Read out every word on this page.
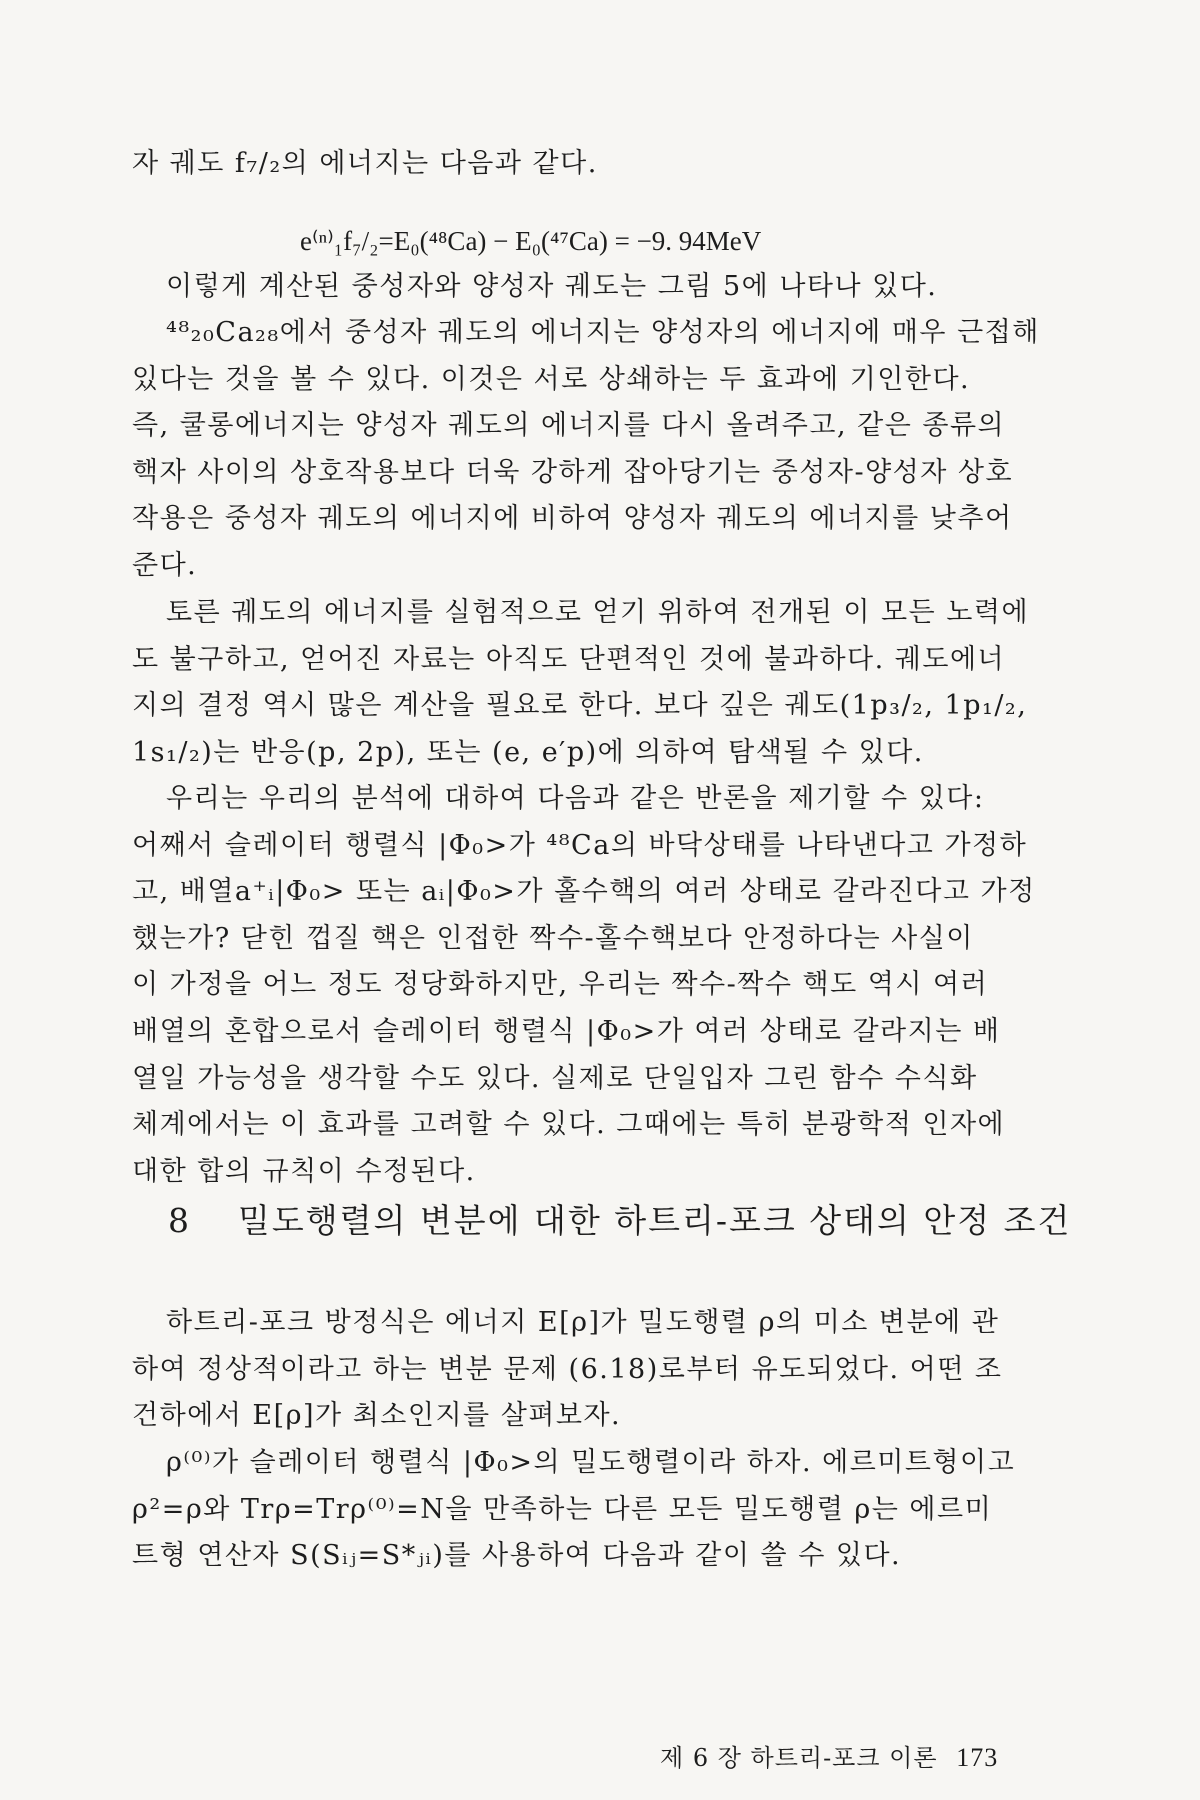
자 궤도 f₇/₂의 에너지는 다음과 같다.
e⁽ⁿ⁾₁f₇/₂=E₀(⁴⁸Ca) − E₀(⁴⁷Ca) = −9. 94MeV
이렇게 계산된 중성자와 양성자 궤도는 그림 5에 나타나 있다.
⁴⁸₂₀Ca₂₈에서 중성자 궤도의 에너지는 양성자의 에너지에 매우 근접해
있다는 것을 볼 수 있다. 이것은 서로 상쇄하는 두 효과에 기인한다.
즉, 쿨롱에너지는 양성자 궤도의 에너지를 다시 올려주고, 같은 종류의
핵자 사이의 상호작용보다 더욱 강하게 잡아당기는 중성자-양성자 상호
작용은 중성자 궤도의 에너지에 비하여 양성자 궤도의 에너지를 낮추어
준다.
토른 궤도의 에너지를 실험적으로 얻기 위하여 전개된 이 모든 노력에
도 불구하고, 얻어진 자료는 아직도 단편적인 것에 불과하다. 궤도에너
지의 결정 역시 많은 계산을 필요로 한다. 보다 깊은 궤도(1p₃/₂, 1p₁/₂,
1s₁/₂)는 반응(p, 2p), 또는 (e, e′p)에 의하여 탐색될 수 있다.
우리는 우리의 분석에 대하여 다음과 같은 반론을 제기할 수 있다:
어째서 슬레이터 행렬식 |Φ₀>가 ⁴⁸Ca의 바닥상태를 나타낸다고 가정하
고, 배열a⁺ᵢ|Φ₀> 또는 aᵢ|Φ₀>가 홀수핵의 여러 상태로 갈라진다고 가정
했는가? 닫힌 껍질 핵은 인접한 짝수-홀수핵보다 안정하다는 사실이
이 가정을 어느 정도 정당화하지만, 우리는 짝수-짝수 핵도 역시 여러
배열의 혼합으로서 슬레이터 행렬식 |Φ₀>가 여러 상태로 갈라지는 배
열일 가능성을 생각할 수도 있다. 실제로 단일입자 그린 함수 수식화
체계에서는 이 효과를 고려할 수 있다. 그때에는 특히 분광학적 인자에
대한 합의 규칙이 수정된다.
8 밀도행렬의 변분에 대한 하트리-포크 상태의 안정 조건
하트리-포크 방정식은 에너지 E[ρ]가 밀도행렬 ρ의 미소 변분에 관
하여 정상적이라고 하는 변분 문제 (6.18)로부터 유도되었다. 어떤 조
건하에서 E[ρ]가 최소인지를 살펴보자.
ρ⁽⁰⁾가 슬레이터 행렬식 |Φ₀>의 밀도행렬이라 하자. 에르미트형이고
ρ²=ρ와 Trρ=Trρ⁽⁰⁾=N을 만족하는 다른 모든 밀도행렬 ρ는 에르미
트형 연산자 S(Sᵢⱼ=S*ⱼᵢ)를 사용하여 다음과 같이 쓸 수 있다.
제 6 장 하트리-포크 이론 173
